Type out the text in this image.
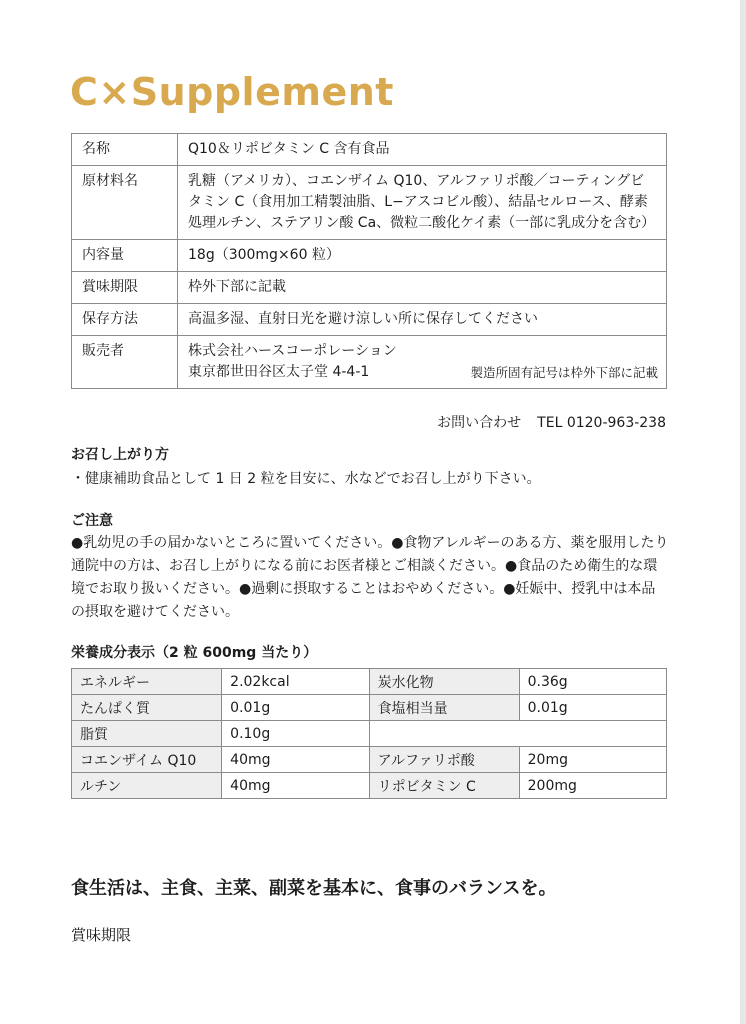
C×Supplement
名称	Q10＆リポビタミン C 含有食品
原材料名	乳糖（アメリカ）、コエンザイム Q10、アルファリポ酸／コーティングビタミン C（食用加工精製油脂、L−アスコビル酸）、結晶セルロース、酵素処理ルチン、ステアリン酸 Ca、微粒二酸化ケイ素（一部に乳成分を含む）
内容量	18g（300mg×60 粒）
賞味期限	枠外下部に記載
保存方法	高温多湿、直射日光を避け涼しい所に保存してください
販売者	株式会社ハースコーポレーション
東京都世田谷区太子堂 4-4-1 製造所固有記号は枠外下部に記載
お問い合わせ TEL 0120-963-238
お召し上がり方
・健康補助食品として 1 日 2 粒を目安に、水などでお召し上がり下さい。
ご注意
●乳幼児の手の届かないところに置いてください。●食物アレルギーのある方、薬を服用したり通院中の方は、お召し上がりになる前にお医者様とご相談ください。●食品のため衛生的な環境でお取り扱いください。●過剰に摂取することはおやめください。●妊娠中、授乳中は本品の摂取を避けてください。
栄養成分表示（2 粒 600mg 当たり）
エネルギー	2.02kcal	炭水化物	0.36g
たんぱく質	0.01g	食塩相当量	0.01g
脂質	0.10g		
コエンザイム Q10	40mg	アルファリポ酸	20mg
ルチン	40mg	リポビタミン C	200mg
食生活は、主食、主菜、副菜を基本に、食事のバランスを。
賞味期限
